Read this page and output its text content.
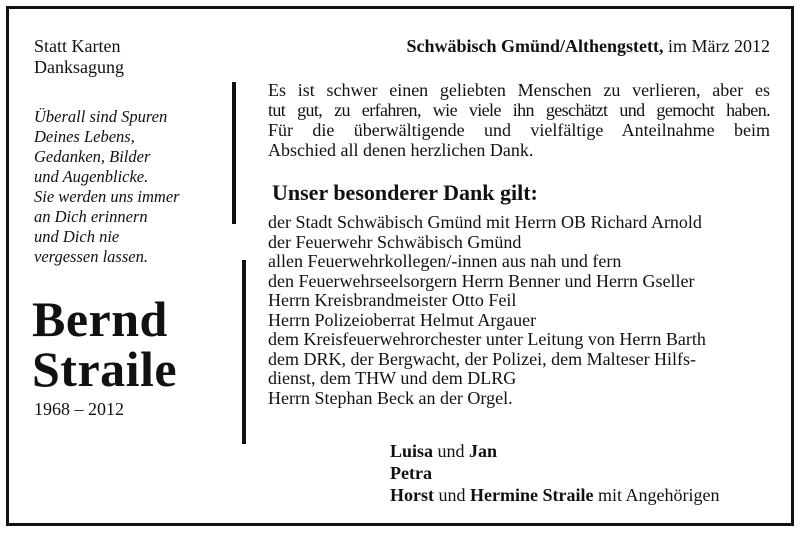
Statt Karten
Danksagung
Schwäbisch Gmünd/Althengstett, im März 2012
Überall sind Spuren
Deines Lebens,
Gedanken, Bilder
und Augenblicke.
Sie werden uns immer
an Dich erinnern
und Dich nie
vergessen lassen.
Bernd
Straile
1968 – 2012
Es ist schwer einen geliebten Menschen zu verlieren, aber es
tut gut, zu erfahren, wie viele ihn geschätzt und gemocht haben.
Für die überwältigende und vielfältige Anteilnahme beim
Abschied all denen herzlichen Dank.
Unser besonderer Dank gilt:
der Stadt Schwäbisch Gmünd mit Herrn OB Richard Arnold
der Feuerwehr Schwäbisch Gmünd
allen Feuerwehrkollegen/-innen aus nah und fern
den Feuerwehrseelsorgern Herrn Benner und Herrn Gseller
Herrn Kreisbrandmeister Otto Feil
Herrn Polizeioberrat Helmut Argauer
dem Kreisfeuerwehrorchester unter Leitung von Herrn Barth
dem DRK, der Bergwacht, der Polizei, dem Malteser Hilfs-
dienst, dem THW und dem DLRG
Herrn Stephan Beck an der Orgel.
Luisa und Jan
Petra
Horst und Hermine Straile mit Angehörigen
